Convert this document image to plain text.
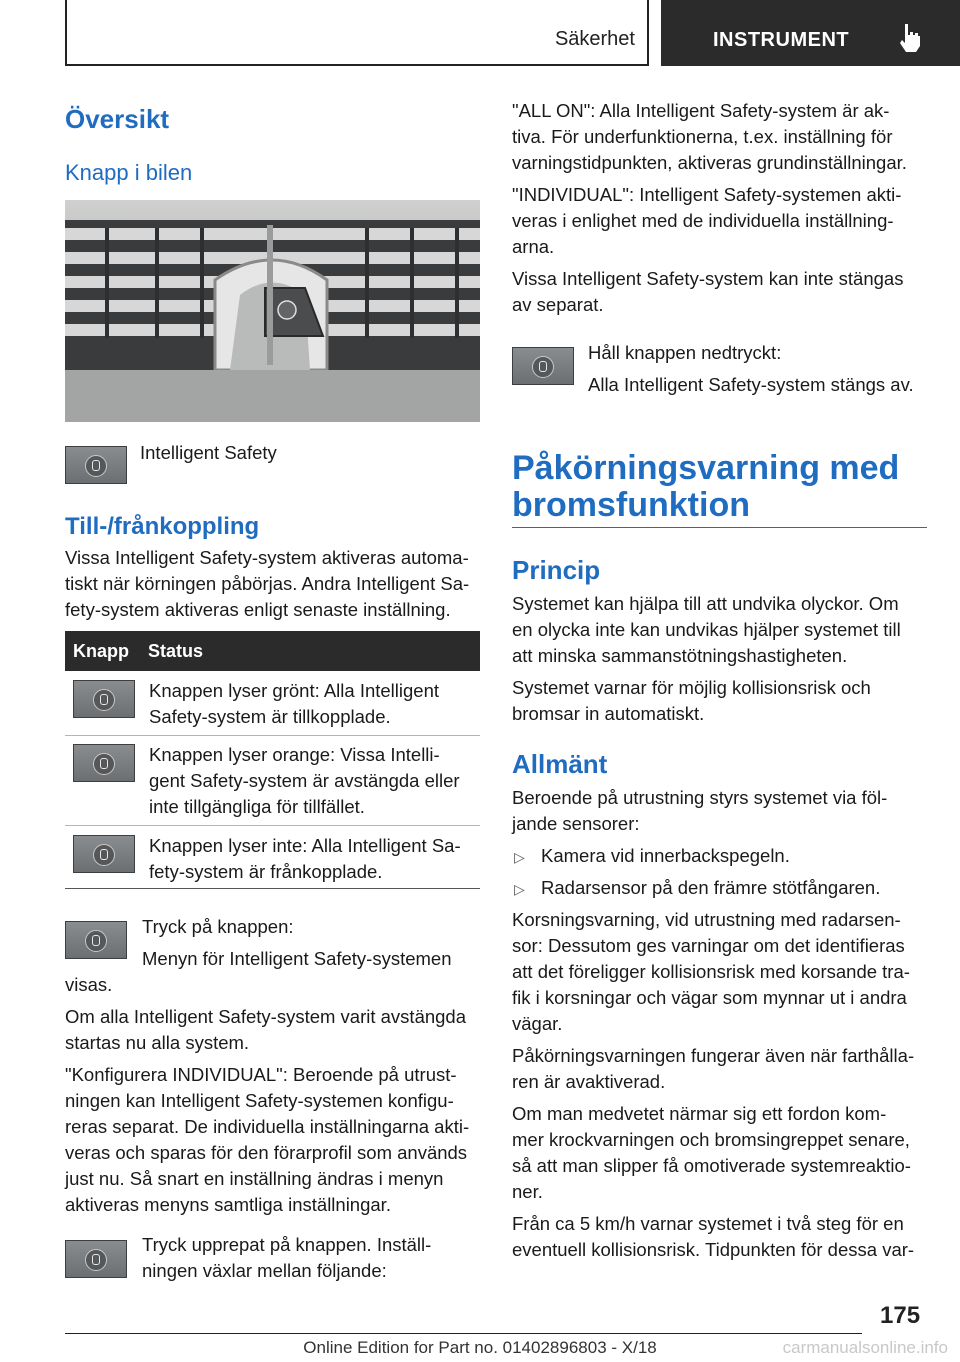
Säkerhet	INSTRUMENT
Översikt
Knapp i bilen

Intelligent Safety

Till-/frånkoppling

Vissa Intelligent Safety-system aktiveras automa-

tiskt när körningen påbörjas. Andra Intelligent Sa-

fety-system aktiveras enligt senaste inställning.

Knapp Status

Knappen lyser grönt: Alla Intelligent

Safety-system är tillkopplade.

Knappen lyser orange: Vissa Intelli-

gent Safety-system är avstängda eller

inte tillgängliga för tillfället.

Knappen lyser inte: Alla Intelligent Sa-

fety-system är frånkopplade.

Tryck på knappen:

Menyn för Intelligent Safety-systemen

visas.

Om alla Intelligent Safety-system varit avstängda

startas nu alla system.

"Konfigurera INDIVIDUAL": Beroende på utrust-

ningen kan Intelligent Safety-systemen konfigu-

reras separat. De individuella inställningarna akti-

veras och sparas för den förarprofil som används

just nu. Så snart en inställning ändras i menyn

aktiveras menyns samtliga inställningar.

Tryck upprepat på knappen. Inställ-

ningen växlar mellan följande:

"ALL ON": Alla Intelligent Safety-system är ak-

tiva. För underfunktionerna, t.ex. inställning för

varningstidpunkten, aktiveras grundinställningar.

"INDIVIDUAL": Intelligent Safety-systemen akti-

veras i enlighet med de individuella inställning-

arna.

Vissa Intelligent Safety-system kan inte stängas

av separat.

Håll knappen nedtryckt:

Alla Intelligent Safety-system stängs av.

Påkörningsvarning med
bromsfunktion
Princip

Systemet kan hjälpa till att undvika olyckor. Om

en olycka inte kan undvikas hjälper systemet till

att minska sammanstötningshastigheten.

Systemet varnar för möjlig kollisionsrisk och

bromsar in automatiskt.

Allmänt

Beroende på utrustning styrs systemet via föl-

jande sensorer:

▷ Kamera vid innerbackspegeln.

▷ Radarsensor på den främre stötfångaren.

Korsningsvarning, vid utrustning med radarsen-

sor: Dessutom ges varningar om det identifieras

att det föreligger kollisionsrisk med korsande tra-

fik i korsningar och vägar som mynnar ut i andra

vägar.

Påkörningsvarningen fungerar även när farthålla-

ren är avaktiverad.

Om man medvetet närmar sig ett fordon kom-

mer krockvarningen och bromsingreppet senare,

så att man slipper få omotiverade systemreaktio-

ner.

Från ca 5 km/h varnar systemet i två steg för en

eventuell kollisionsrisk. Tidpunkten för dessa var-

175
Online Edition for Part no. 01402896803 - X/18	carmanualsonline.info
